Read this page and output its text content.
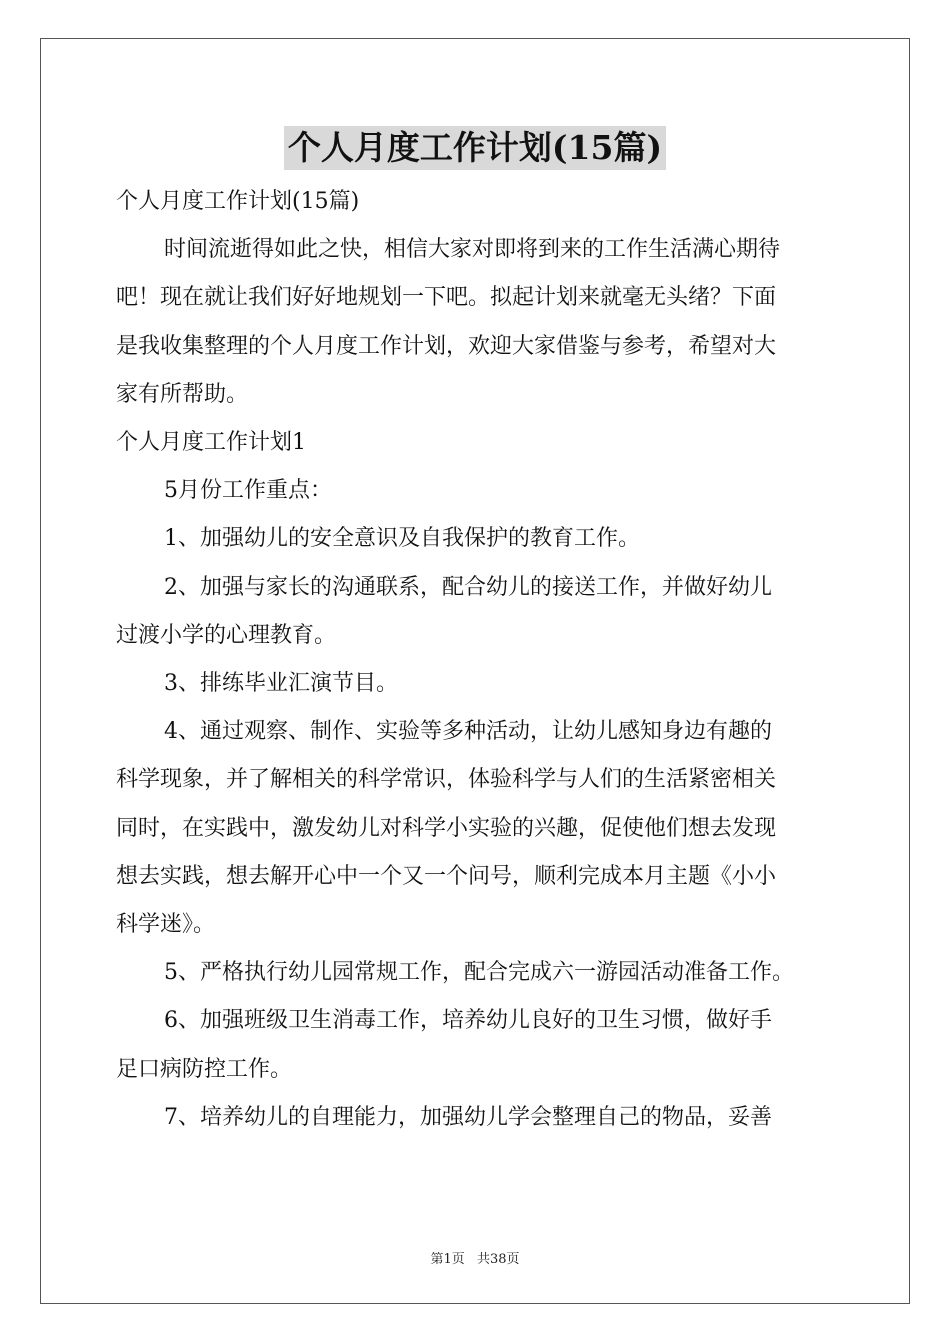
个人月度工作计划(15篇)

个人月度工作计划(15篇)

时间流逝得如此之快，相信大家对即将到来的工作生活满心期待

吧！现在就让我们好好地规划一下吧。拟起计划来就毫无头绪？下面

是我收集整理的个人月度工作计划，欢迎大家借鉴与参考，希望对大

家有所帮助。

个人月度工作计划1

5月份工作重点：

1、加强幼儿的安全意识及自我保护的教育工作。

2、加强与家长的沟通联系，配合幼儿的接送工作，并做好幼儿

过渡小学的心理教育。

3、排练毕业汇演节目。

4、通过观察、制作、实验等多种活动，让幼儿感知身边有趣的

科学现象，并了解相关的科学常识，体验科学与人们的生活紧密相关

同时，在实践中，激发幼儿对科学小实验的兴趣，促使他们想去发现

想去实践，想去解开心中一个又一个问号，顺利完成本月主题《小小

科学迷》。

5、严格执行幼儿园常规工作，配合完成六一游园活动准备工作。

6、加强班级卫生消毒工作，培养幼儿良好的卫生习惯，做好手

足口病防控工作。

7、培养幼儿的自理能力，加强幼儿学会整理自己的物品，妥善

第1页 共38页
